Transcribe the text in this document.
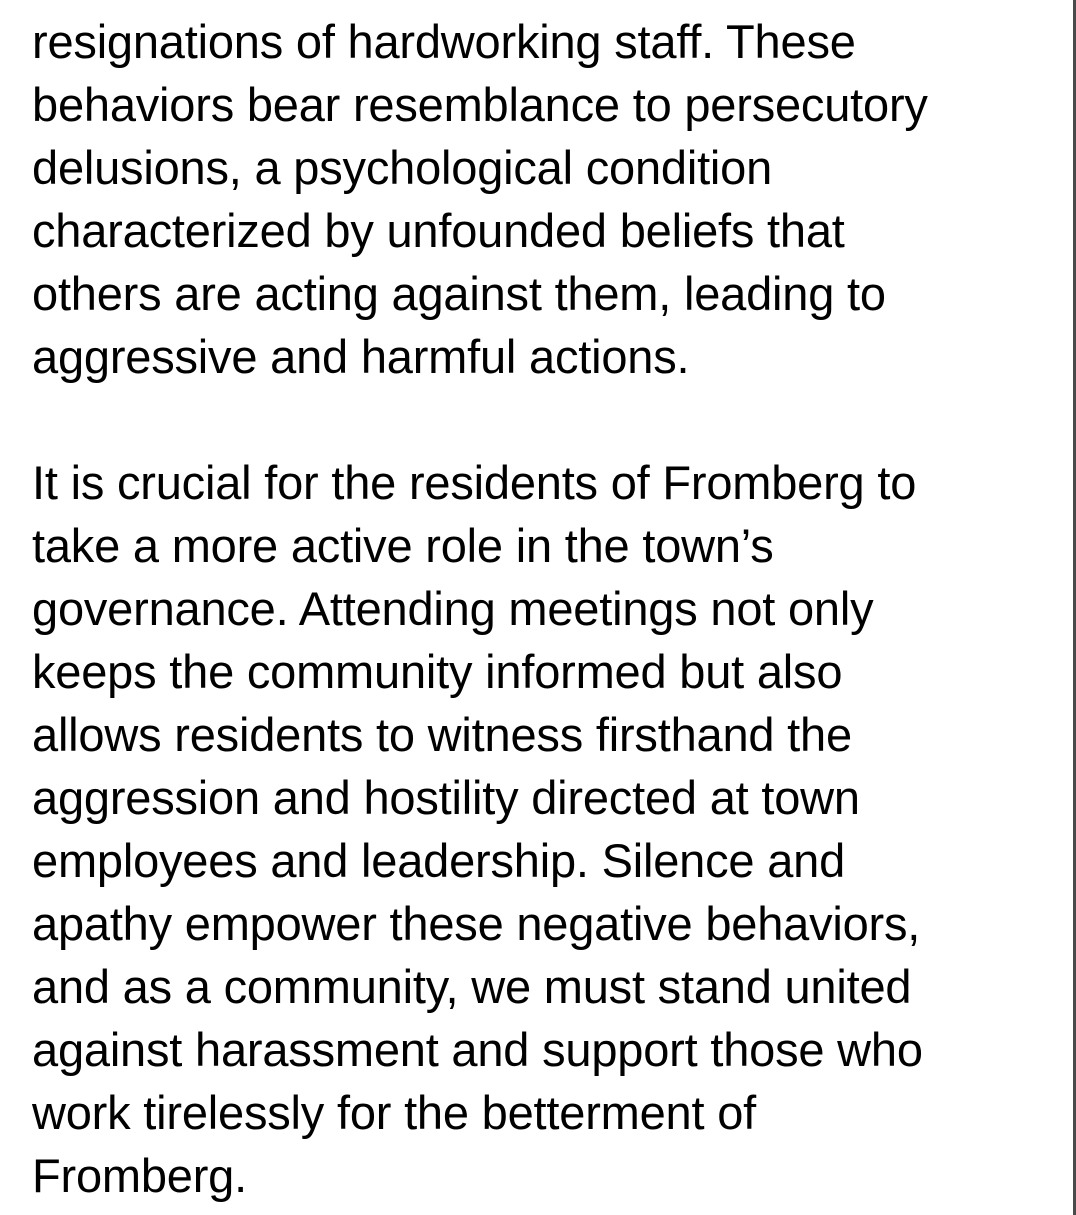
resignations of hardworking staff. These
behaviors bear resemblance to persecutory
delusions, a psychological condition
characterized by unfounded beliefs that
others are acting against them, leading to
aggressive and harmful actions.

It is crucial for the residents of Fromberg to
take a more active role in the town’s
governance. Attending meetings not only
keeps the community informed but also
allows residents to witness firsthand the
aggression and hostility directed at town
employees and leadership. Silence and
apathy empower these negative behaviors,
and as a community, we must stand united
against harassment and support those who
work tirelessly for the betterment of
Fromberg.
